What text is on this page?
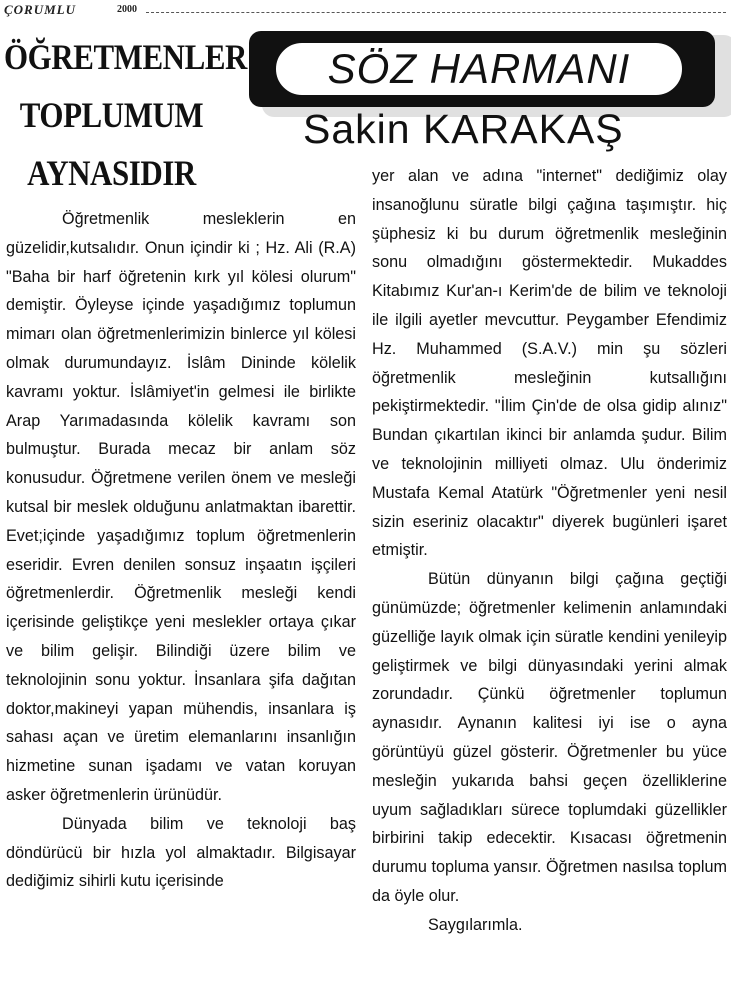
ÇORUMLU	2000
ÖĞRETMENLER
TOPLUMUM
AYNASIDIR
SÖZ HARMANI
Sakin KARAKAŞ

Öğretmenlik mesleklerin en güzelidir,kutsalıdır. Onun içindir ki ; Hz. Ali (R.A) "Baha bir harf öğretenin kırk yıl kölesi olurum" demiştir. Öyleyse içinde yaşadığımız toplumun mimarı olan öğretmenlerimizin binlerce yıl kölesi olmak durumundayız. İslâm Dininde kölelik kavramı yoktur. İslâmiyet'in gelmesi ile birlikte Arap Yarımadasında kölelik kavramı son bulmuştur. Burada mecaz bir anlam söz konusudur. Öğretmene verilen önem ve mesleği kutsal bir meslek olduğunu anlatmaktan ibarettir. Evet;içinde yaşadığımız toplum öğretmenlerin eseridir. Evren denilen sonsuz inşaatın işçileri öğretmenlerdir. Öğretmenlik mesleği kendi içerisinde geliştikçe yeni meslekler ortaya çıkar ve bilim gelişir. Bilindiği üzere bilim ve teknolojinin sonu yoktur. İnsanlara şifa dağıtan doktor,makineyi yapan mühendis, insanlara iş sahası açan ve üretim elemanlarını insanlığın hizmetine sunan işadamı ve vatan koruyan asker öğretmenlerin ürünüdür.

Dünyada bilim ve teknoloji baş döndürücü bir hızla yol almaktadır. Bilgisayar dediğimiz sihirli kutu içerisinde

yer alan ve adına "internet" dediğimiz olay insanoğlunu süratle bilgi çağına taşımıştır. hiç şüphesiz ki bu durum öğretmenlik mesleğinin sonu olmadığını göstermektedir. Mukaddes Kitabımız Kur'an-ı Kerim'de de bilim ve teknoloji ile ilgili ayetler mevcuttur. Peygamber Efendimiz Hz. Muhammed (S.A.V.) min şu sözleri öğretmenlik mesleğinin kutsallığını pekiştirmektedir. "İlim Çin'de de olsa gidip alınız" Bundan çıkartılan ikinci bir anlamda şudur. Bilim ve teknolojinin milliyeti olmaz. Ulu önderimiz Mustafa Kemal Atatürk "Öğretmenler yeni nesil sizin eseriniz olacaktır" diyerek bugünleri işaret etmiştir.

Bütün dünyanın bilgi çağına geçtiği günümüzde; öğretmenler kelimenin anlamındaki güzelliğe layık olmak için süratle kendini yenileyip geliştirmek ve bilgi dünyasındaki yerini almak zorundadır. Çünkü öğretmenler toplumun aynasıdır. Aynanın kalitesi iyi ise o ayna görüntüyü güzel gösterir. Öğretmenler bu yüce mesleğin yukarıda bahsi geçen özelliklerine uyum sağladıkları sürece toplumdaki güzellikler birbirini takip edecektir. Kısacası öğretmenin durumu topluma yansır. Öğretmen nasılsa toplum da öyle olur.

Saygılarımla.
